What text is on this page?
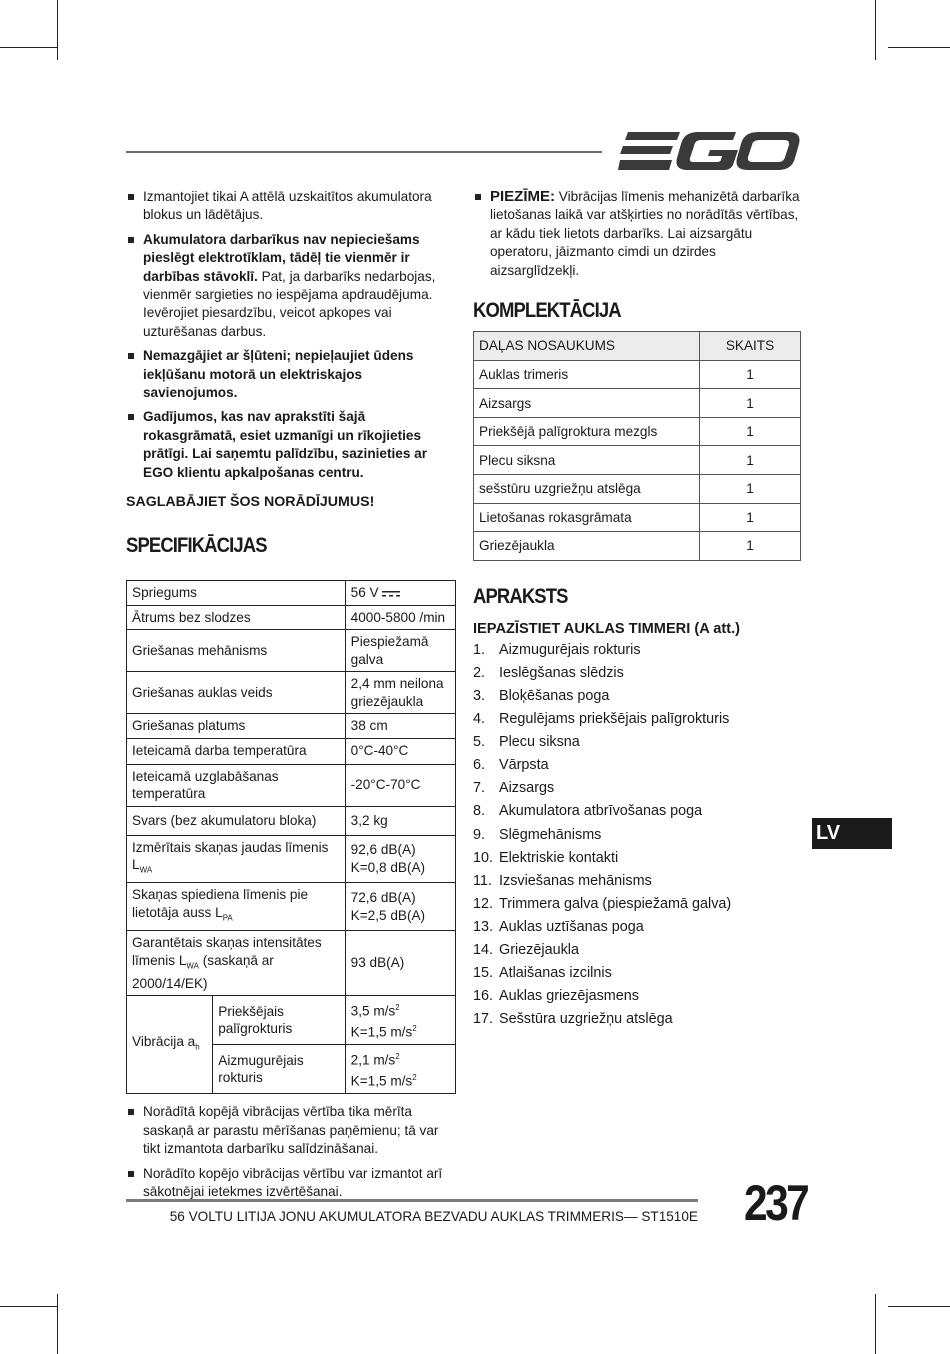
Izmantojiet tikai A attēlā uzskaitītos akumulatora blokus un lādētājus.
Akumulatora darbarīkus nav nepieciešams pieslēgt elektrotīklam, tādēļ tie vienmēr ir darbības stāvoklī. Pat, ja darbarīks nedarbojas, vienmēr sargieties no iespējama apdraudējuma. Ievērojiet piesardzību, veicot apkopes vai uzturēšanas darbus.
Nemazgājiet ar šļūteni; nepieļaujiet ūdens iekļūšanu motorā un elektriskajos savienojumos.
Gadījumos, kas nav aprakstīti šajā rokasgrāmatā, esiet uzmanīgi un rīkojieties prātīgi. Lai saņemtu palīdzību, sazinieties ar EGO klientu apkalpošanas centru.
SAGLABĀJIET ŠOS NORĀDĪJUMUS!
SPECIFIKĀCIJAS
Spriegums		56 V
Ātrums bez slodzes		4000-5800 /min
Griešanas mehānisms		Piespiežamā galva
Griešanas auklas veids		2,4 mm neilona griezējaukla
Griešanas platums		38 cm
Ieteicamā darba temperatūra		0°C-40°C
Ieteicamā uzglabāšanas temperatūra		-20°C-70°C
Svars (bez akumulatoru bloka)		3,2 kg
Izmērītais skaņas jaudas līmenis $L_{WA}$		92,6 dB(A)
K=0,8 dB(A)
Skaņas spiediena līmenis pie lietotāja auss $L_{PA}$		72,6 dB(A)
K=2,5 dB(A)
Garantētais skaņas intensitātes līmenis $L_{WA}$ (saskaņā ar 2000/14/EK)		93 dB(A)
Vibrācija $a_h$	Priekšējais palīgrokturis	3,5 $m/s^2$
K=1,5 $m/s^2$
	Aizmugurējais rokturis	2,1 $m/s^2$
K=1,5 $m/s^2$
Norādītā kopējā vibrācijas vērtība tika mērīta saskaņā ar parastu mērīšanas paņēmienu; tā var tikt izmantota darbarīku salīdzināšanai.
Norādīto kopējo vibrācijas vērtību var izmantot arī sākotnējai ietekmes izvērtēšanai.
PIEZĪME: Vibrācijas līmenis mehanizētā darbarīka lietošanas laikā var atšķirties no norādītās vērtības, ar kādu tiek lietots darbarīks. Lai aizsargātu operatoru, jāizmanto cimdi un dzirdes aizsarglīdzekļi.
KOMPLEKTĀCIJA
DAĻAS NOSAUKUMS	SKAITS
Auklas trimeris	1
Aizsargs	1
Priekšējā palīgroktura mezgls	1
Plecu siksna	1
sešstūru uzgriežņu atslēga	1
Lietošanas rokasgrāmata	1
Griezējaukla	1
APRAKSTS
IEPAZĪSTIET AUKLAS TIMMERI (A att.)
1. Aizmugurējais rokturis
2. Ieslēgšanas slēdzis
3. Bloķēšanas poga
4. Regulējams priekšējais palīgrokturis
5. Plecu siksna
6. Vārpsta
7. Aizsargs
8. Akumulatora atbrīvošanas poga
9. Slēgmehānisms
10. Elektriskie kontakti
11. Izsviešanas mehānisms
12. Trimmera galva (piespiežamā galva)
13. Auklas uztīšanas poga
14. Griezējaukla
15. Atlaišanas izcilnis
16. Auklas griezējasmens
17. Sešstūra uzgriežņu atslēga
LV
56 VOLTU LITIJA JONU AKUMULATORA BEZVADU AUKLAS TRIMMERIS— ST1510E 237
